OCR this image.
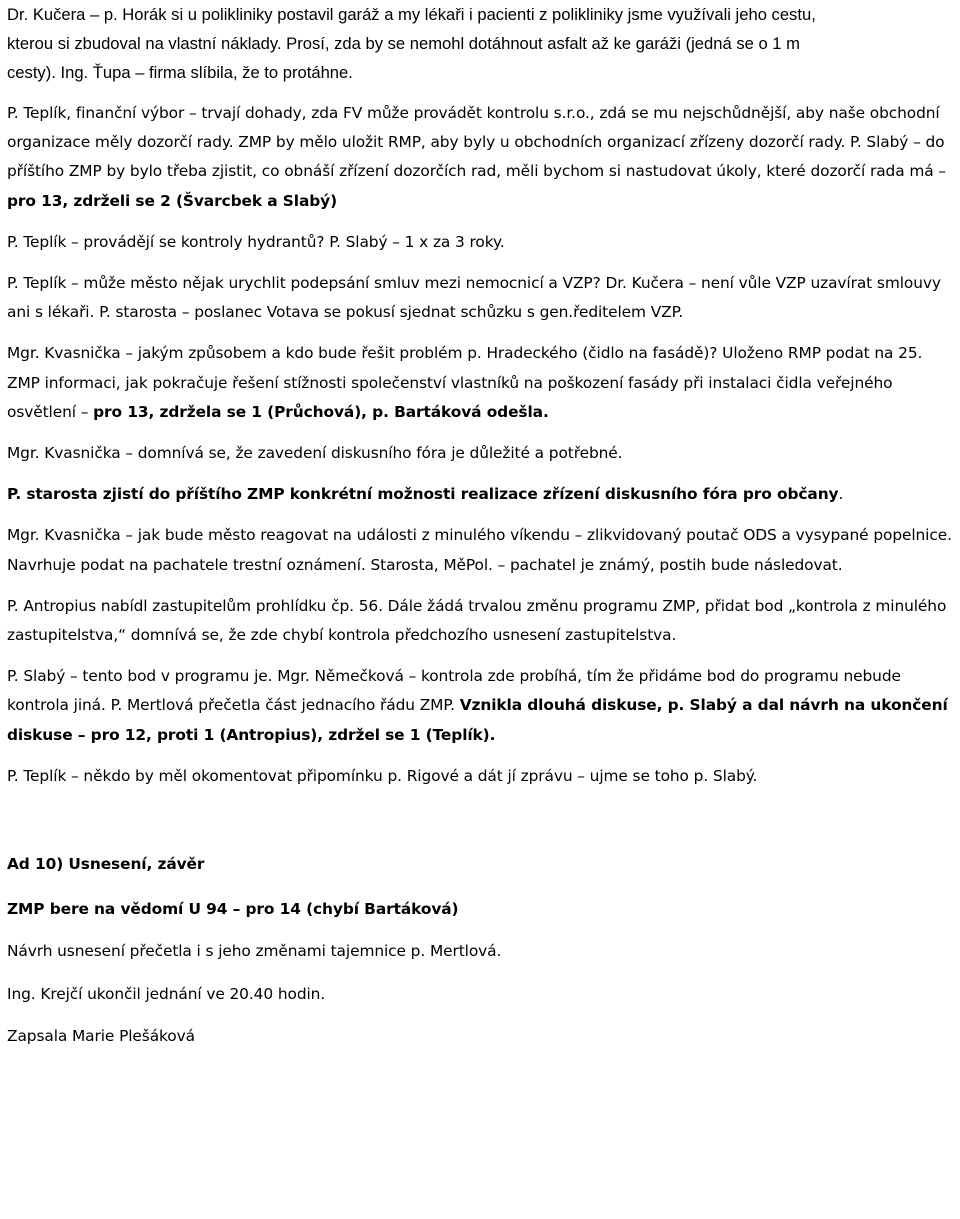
Dr. Kučera – p. Horák si u polikliniky postavil garáž a my lékaři i pacienti z polikliniky jsme využívali jeho cestu,
kterou si zbudoval na vlastní náklady. Prosí, zda by se nemohl dotáhnout asfalt až ke garáži (jedná se o 1 m
cesty). Ing. Ťupa – firma slíbila, že to protáhne.

P. Teplík, finanční výbor – trvají dohady, zda FV může provádět kontrolu s.r.o., zdá se mu nejschůdnější, aby naše obchodní organizace měly dozorčí rady. ZMP by mělo uložit RMP, aby byly u obchodních organizací zřízeny dozorčí rady. P. Slabý – do příštího ZMP by bylo třeba zjistit, co obnáší zřízení dozorčích rad, měli bychom si nastudovat úkoly, které dozorčí rada má – pro 13, zdrželi se 2 (Švarcbek a Slabý)

P. Teplík – provádějí se kontroly hydrantů? P. Slabý – 1 x za 3 roky.

P. Teplík – může město nějak urychlit podepsání smluv mezi nemocnicí a VZP? Dr. Kučera – není vůle VZP uzavírat smlouvy ani s lékaři. P. starosta – poslanec Votava se pokusí sjednat schůzku s gen.ředitelem VZP.

Mgr. Kvasnička – jakým způsobem a kdo bude řešit problém p. Hradeckého (čidlo na fasádě)? Uloženo RMP podat na 25. ZMP informaci, jak pokračuje řešení stížnosti společenství vlastníků na poškození fasády při instalaci čidla veřejného osvětlení – pro 13, zdržela se 1 (Průchová), p. Bartáková odešla.

Mgr. Kvasnička – domnívá se, že zavedení diskusního fóra je důležité a potřebné.

P. starosta zjistí do příštího ZMP konkrétní možnosti realizace zřízení diskusního fóra pro občany.

Mgr. Kvasnička – jak bude město reagovat na události z minulého víkendu – zlikvidovaný poutač ODS a vysypané popelnice. Navrhuje podat na pachatele trestní oznámení. Starosta, MěPol. – pachatel je známý, postih bude následovat.

P. Antropius nabídl zastupitelům prohlídku čp. 56. Dále žádá trvalou změnu programu ZMP, přidat bod „kontrola z minulého zastupitelstva,“ domnívá se, že zde chybí kontrola předchozího usnesení zastupitelstva.

P. Slabý – tento bod v programu je. Mgr. Němečková – kontrola zde probíhá, tím že přidáme bod do programu nebude kontrola jiná. P. Mertlová přečetla část jednacího řádu ZMP. Vznikla dlouhá diskuse, p. Slabý a dal návrh na ukončení diskuse – pro 12, proti 1 (Antropius), zdržel se 1 (Teplík).

P. Teplík – někdo by měl okomentovat připomínku p. Rigové a dát jí zprávu – ujme se toho p. Slabý.

Ad 10) Usnesení, závěr

ZMP bere na vědomí U 94 – pro 14 (chybí Bartáková)

Návrh usnesení přečetla i s jeho změnami tajemnice p. Mertlová.

Ing. Krejčí ukončil jednání ve 20.40 hodin.

Zapsala Marie Plešáková
